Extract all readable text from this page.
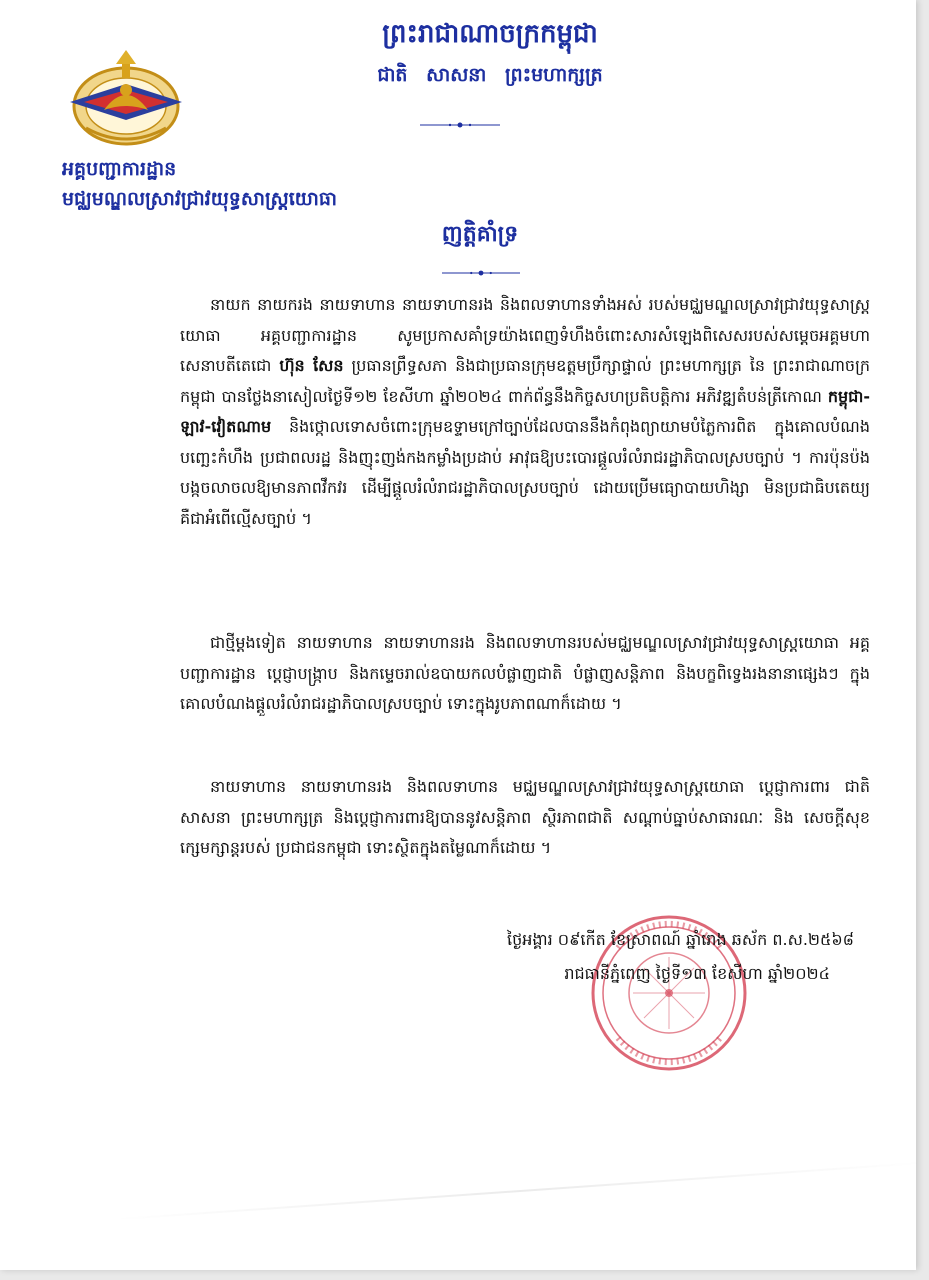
ព្រះរាជាណាចក្រកម្ពុជា
ជាតិ សាសនា ព្រះមហាក្សត្រ
អគ្គបញ្ជាការដ្ឋាន
មជ្ឈមណ្ឌលស្រាវជ្រាវយុទ្ធសាស្ត្រយោធា
ញត្តិគាំទ្រ
នាយក នាយករង នាយទាហាន នាយទាហានរង និងពលទាហានទាំងអស់ របស់មជ្ឈមណ្ឌលស្រាវជ្រាវយុទ្ធសាស្ត្រយោធា អគ្គបញ្ជាការដ្ឋាន សូមប្រកាសគាំទ្រយ៉ាងពេញទំហឹងចំពោះសារសំឡេងពិសេសរបស់សម្តេចអគ្គមហាសេនាបតីតេជោ ហ៊ុន សែន ប្រធានព្រឹទ្ធសភា និងជាប្រធានក្រុមឧត្តមប្រឹក្សាផ្ទាល់ ព្រះមហាក្សត្រ នៃ ព្រះរាជាណាចក្រកម្ពុជា បានថ្លែងនាសៀលថ្ងៃទី១២ ខែសីហា ឆ្នាំ២០២៤ ពាក់ព័ន្ធនឹងកិច្ចសហប្រតិបត្តិការ អភិវឌ្ឍតំបន់ត្រីកោណ កម្ពុជា-ឡាវ-វៀតណាម និងថ្កោលទោសចំពោះក្រុមឧទ្ទាមក្រៅច្បាប់ដែលបាននឹងកំពុងព្យាយាមបំភ្លៃការពិត ក្នុងគោលបំណងបញ្ឆេះកំហឹង ប្រជាពលរដ្ឋ និងញុះញង់កងកម្លាំងប្រដាប់ អាវុធឱ្យបះបោរផ្តួលរំលំរាជរដ្ឋាភិបាលស្របច្បាប់ ។ ការប៉ុនប៉ងបង្កចលាចលឱ្យមានភាពវឹកវរ ដើម្បីផ្តួលរំលំរាជរដ្ឋាភិបាលស្របច្បាប់ ដោយប្រើមធ្យោបាយហិង្សា មិនប្រជាធិបតេយ្យ គឺជាអំពើល្មើសច្បាប់ ។
ជាថ្មីម្តងទៀត នាយទាហាន នាយទាហានរង និងពលទាហានរបស់មជ្ឈមណ្ឌលស្រាវជ្រាវយុទ្ធសាស្ត្រយោធា អគ្គបញ្ជាការដ្ឋាន ប្តេជ្ញាបង្ក្រាប និងកម្ទេចរាល់ឧបាយកលបំផ្លាញជាតិ បំផ្លាញសន្តិភាព និងបក្ខពិទ្វេងរងនានាផ្សេងៗ ក្នុងគោលបំណងផ្តួលរំលំរាជរដ្ឋាភិបាលស្របច្បាប់ ទោះក្នុងរូបភាពណាក៏ដោយ ។
នាយទាហាន នាយទាហានរង និងពលទាហាន មជ្ឈមណ្ឌលស្រាវជ្រាវយុទ្ធសាស្ត្រយោធា ប្តេជ្ញាការពារ ជាតិ សាសនា ព្រះមហាក្សត្រ និងប្តេជ្ញាការពារឱ្យបាននូវសន្តិភាព ស្ថិរភាពជាតិ សណ្តាប់ធ្នាប់សាធារណៈ និង សេចក្តីសុខក្សេមក្សាន្តរបស់ ប្រជាជនកម្ពុជា ទោះស្ថិតក្នុងតម្លៃណាក៏ដោយ ។
ថ្ងៃអង្គារ ០៩កើត ខែស្រាពណ៍ ឆ្នាំរោង ឆស័ក ព.ស.២៥៦៨
រាជធានីភ្នំពេញ ថ្ងៃទី១៣ ខែសីហា ឆ្នាំ២០២៤
